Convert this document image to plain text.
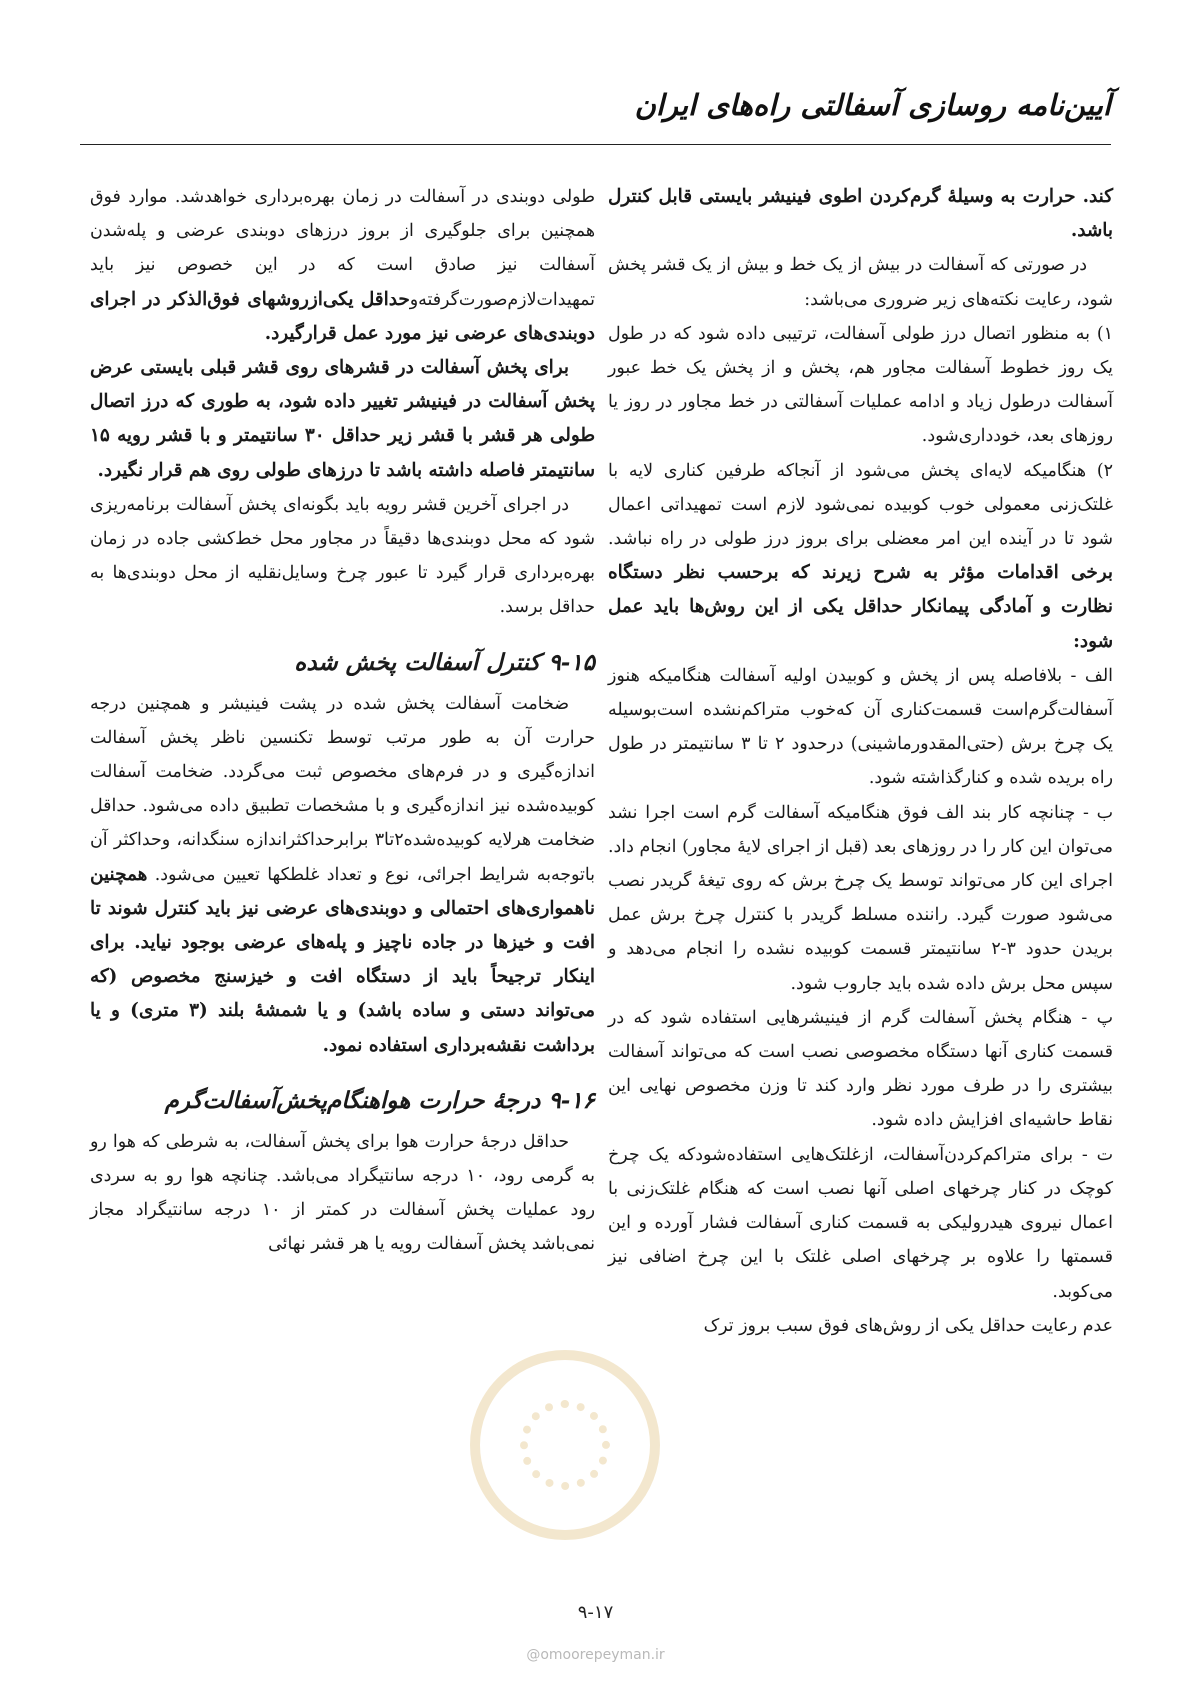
آیین‌نامه روسازی آسفالتی راه‌های ایران

کند. حرارت به وسیلهٔ گرم‌کردن اطوی فینیشر بایستی قابل کنترل باشد.

در صورتی که آسفالت در بیش از یک خط و بیش از یک قشر پخش شود، رعایت نکته‌های زیر ضروری می‌باشد:

۱) به منظور اتصال درز طولی آسفالت، ترتیبی داده شود که در طول یک روز خطوط آسفالت مجاور هم، پخش و از پخش یک خط عبور آسفالت درطول زیاد و ادامه عملیات آسفالتی در خط مجاور در روز یا روزهای بعد، خودداری‌شود.

۲) هنگامیکه لایه‌ای پخش می‌شود از آنجاکه طرفین کناری لایه با غلتک‌زنی معمولی خوب کوبیده نمی‌شود لازم است تمهیداتی اعمال شود تا در آینده این امر معضلی برای بروز درز طولی در راه نباشد. برخی اقدامات مؤثر به شرح زیرند که برحسب نظر دستگاه نظارت و آمادگی پیمانکار حداقل یکی از این روش‌ها باید عمل شود:

الف - بلافاصله پس از پخش و کوبیدن اولیه آسفالت هنگامیکه هنوز آسفالت‌گرم‌است قسمت‌کناری آن که‌خوب متراکم‌نشده است‌بوسیله یک چرخ برش (حتی‌المقدورماشینی) درحدود ۲ تا ۳ سانتیمتر در طول راه بریده شده و کنارگذاشته شود.

ب - چنانچه کار بند الف فوق هنگامیکه آسفالت گرم است اجرا نشد می‌توان این کار را در روزهای بعد (قبل از اجرای لایهٔ مجاور) انجام داد. اجرای این کار می‌تواند توسط یک چرخ برش که روی تیغهٔ گریدر نصب می‌شود صورت گیرد. راننده مسلط گریدر با کنترل چرخ برش عمل بریدن حدود ۳-۲ سانتیمتر قسمت کوبیده نشده را انجام می‌دهد و سپس محل برش داده شده باید جاروب شود.

پ - هنگام پخش آسفالت گرم از فینیشرهایی استفاده شود که در قسمت کناری آنها دستگاه مخصوصی نصب است که می‌تواند آسفالت بیشتری را در طرف مورد نظر وارد کند تا وزن مخصوص نهایی این نقاط حاشیه‌ای افزایش داده شود.

ت - برای متراکم‌کردن‌آسفالت، ازغلتک‌هایی استفاده‌شودکه یک چرخ کوچک در کنار چرخهای اصلی آنها نصب است که هنگام غلتک‌زنی با اعمال نیروی هیدرولیکی به قسمت کناری آسفالت فشار آورده و این قسمتها را علاوه بر چرخهای اصلی غلتک با این چرخ اضافی نیز می‌کوبد.

عدم رعایت حداقل یکی از روش‌های فوق سبب بروز ترک

طولی دوبندی در آسفالت در زمان بهره‌برداری خواهدشد. موارد فوق همچنین برای جلوگیری از بروز درزهای دوبندی عرضی و پله‌شدن آسفالت نیز صادق است که در این خصوص نیز باید تمهیدات‌لازم‌صورت‌گرفته‌وحداقل یکی‌ازروشهای فوق‌الذکر در اجرای دوبندی‌های عرضی نیز مورد عمل قرارگیرد.

برای پخش آسفالت در قشرهای روی قشر قبلی بایستی عرض پخش آسفالت در فینیشر تغییر داده شود، به طوری که درز اتصال طولی هر قشر با قشر زیر حداقل ۳۰ سانتیمتر و با قشر رویه ۱۵ سانتیمتر فاصله داشته باشد تا درزهای طولی روی هم قرار نگیرد.

در اجرای آخرین قشر رویه باید بگونه‌ای پخش آسفالت برنامه‌ریزی شود که محل دوبندی‌ها دقیقاً در مجاور محل خط‌کشی جاده در زمان بهره‌برداری قرار گیرد تا عبور چرخ وسایل‌نقلیه از محل دوبندی‌ها به حداقل برسد.

۹-۱۵ کنترل آسفالت پخش شده

ضخامت آسفالت پخش شده در پشت فینیشر و همچنین درجه حرارت آن به طور مرتب توسط تکنسین ناظر پخش آسفالت اندازه‌گیری و در فرم‌های مخصوص ثبت می‌گردد. ضخامت آسفالت کوبیده‌شده نیز اندازه‌گیری و با مشخصات تطبیق داده می‌شود. حداقل ضخامت هرلایه کوبیده‌شده۲تا۳ برابرحداکثراندازه سنگدانه، وحداکثر آن باتوجه‌به شرایط اجرائی، نوع و تعداد غلطکها تعیین می‌شود. همچنین ناهمواری‌های احتمالی و دوبندی‌های عرضی نیز باید کنترل شوند تا افت و خیزها در جاده ناچیز و پله‌های عرضی بوجود نیاید. برای اینکار ترجیحاً باید از دستگاه افت و خیزسنج مخصوص (که می‌تواند دستی و ساده باشد) و یا شمشهٔ بلند (۳ متری) و یا برداشت نقشه‌برداری استفاده نمود.

۹-۱۶ درجهٔ حرارت هواهنگام‌پخش‌آسفالت‌گرم

حداقل درجهٔ حرارت هوا برای پخش آسفالت، به شرطی که هوا رو به گرمی رود، ۱۰ درجه سانتیگراد می‌باشد. چنانچه هوا رو به سردی رود عملیات پخش آسفالت در کمتر از ۱۰ درجه سانتیگراد مجاز نمی‌باشد پخش آسفالت رویه یا هر قشر نهائی

۹-۱۷
@omoorepeyman.ir
